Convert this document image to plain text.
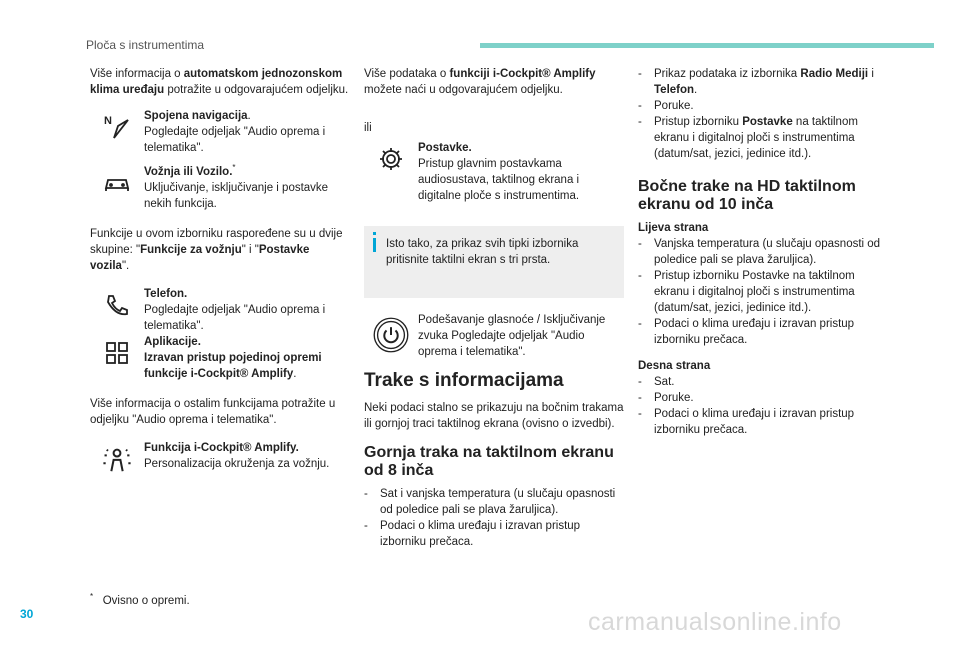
Ploča s instrumentima

Više informacija o automatskom jednozonskom klima uređaju potražite u odgovarajućem odjeljku.

N	Spojena navigacija.

Pogledajte odjeljak "Audio oprema i telematika".

Vožnja ili Vozilo.*

Uključivanje, isključivanje i postavke nekih funkcija.

Funkcije u ovom izborniku raspoređene su u dvije skupine: "Funkcije za vožnju" i "Postavke vozila".

Telefon.

Pogledajte odjeljak "Audio oprema i telematika".

Aplikacije.

Izravan pristup pojedinoj opremi funkcije i-Cockpit® Amplify.

Više informacija o ostalim funkcijama potražite u odjeljku "Audio oprema i telematika".

Funkcija i-Cockpit® Amplify.

Personalizacija okruženja za vožnju.

Više podataka o funkciji i-Cockpit® Amplify možete naći u odgovarajućem odjeljku.

ili

Postavke.

Pristup glavnim postavkama audiosustava, taktilnog ekrana i digitalne ploče s instrumentima.

Isto tako, za prikaz svih tipki izbornika pritisnite taktilni ekran s tri prsta.

Podešavanje glasnoće / Isključivanje zvuka Pogledajte odjeljak "Audio oprema i telematika".

Trake s informacijama

Neki podaci stalno se prikazuju na bočnim trakama ili gornjoj traci taktilnog ekrana (ovisno o izvedbi).

Gornja traka na taktilnom ekranu od 8 inča
- Sat i vanjska temperatura (u slučaju opasnosti od poledice pali se plava žaruljica).
- Podaci o klima uređaju i izravan pristup izborniku prečaca.
- Prikaz podataka iz izbornika Radio Mediji i Telefon.
- Poruke.
- Pristup izborniku Postavke na taktilnom ekranu i digitalnoj ploči s instrumentima (datum/sat, jezici, jedinice itd.).
Bočne trake na HD taktilnom ekranu od 10 inča

Lijeva strana

- Vanjska temperatura (u slučaju opasnosti od poledice pali se plava žaruljica).
- Pristup izborniku Postavke na taktilnom ekranu i digitalnoj ploči s instrumentima (datum/sat, jezici, jedinice itd.).
- Podaci o klima uređaju i izravan pristup izborniku prečaca.

Desna strana

- Sat.
- Poruke.
- Podaci o klima uređaju i izravan pristup izborniku prečaca.
* Ovisno o opremi.
30	carmanualsonline.info
